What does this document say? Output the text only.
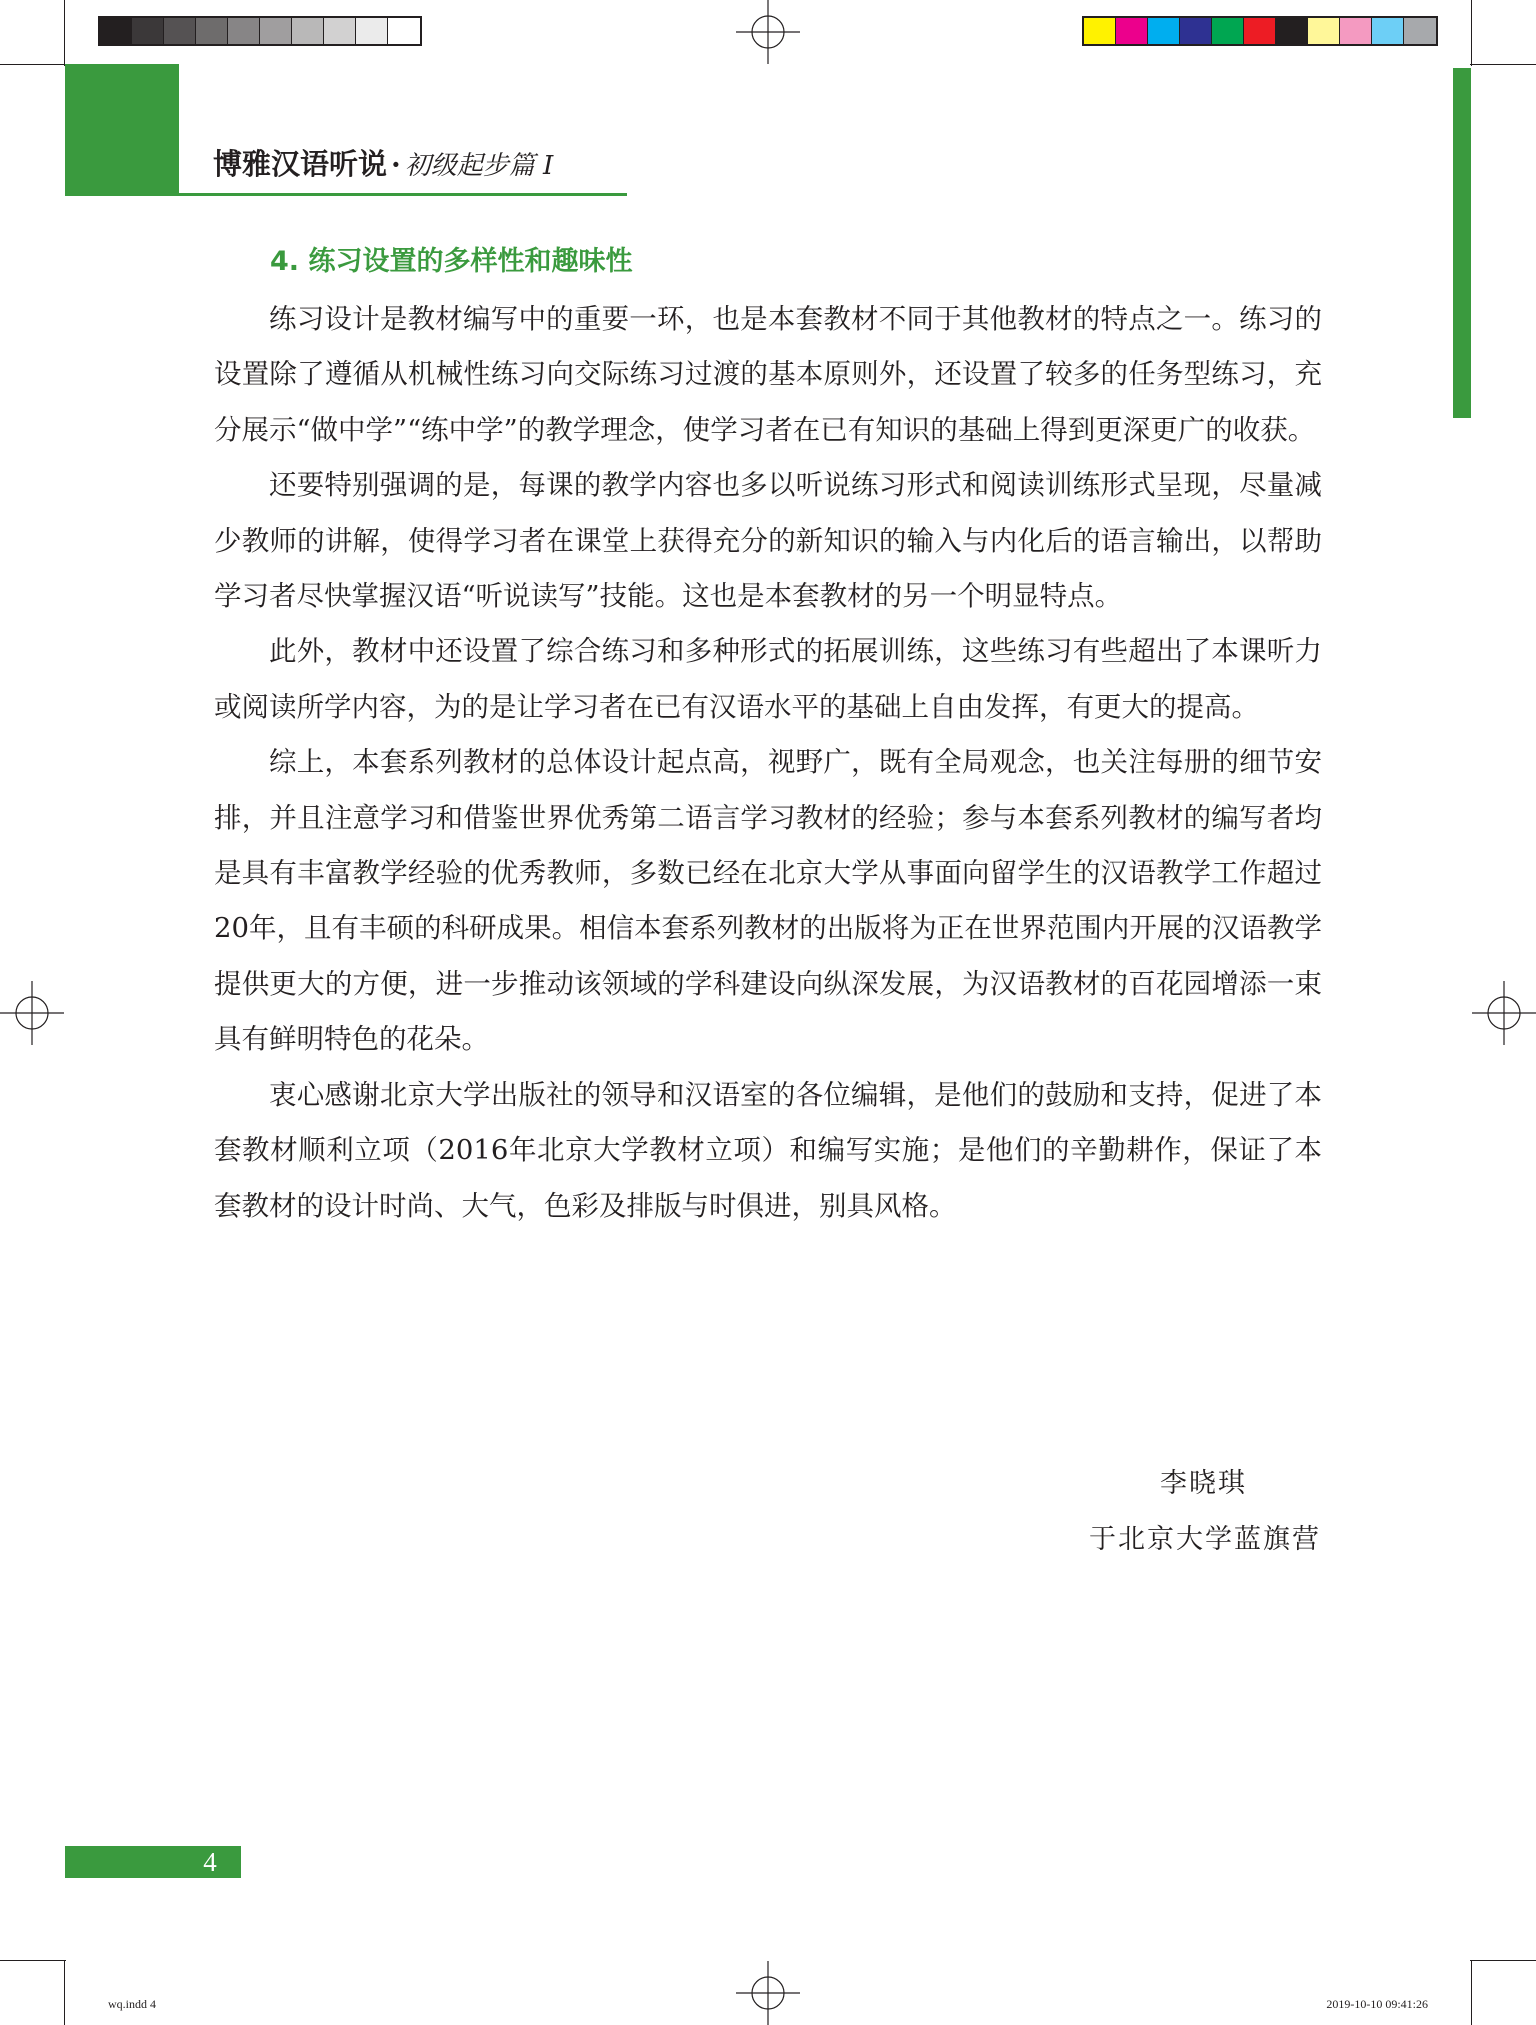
博雅汉语听说 · 初级起步篇 I
4. 练习设置的多样性和趣味性

练习设计是教材编写中的重要一环，也是本套教材不同于其他教材的特点之一。练习的设置除了遵循从机械性练习向交际练习过渡的基本原则外，还设置了较多的任务型练习，充分展示“做中学”“练中学”的教学理念，使学习者在已有知识的基础上得到更深更广的收获。

还要特别强调的是，每课的教学内容也多以听说练习形式和阅读训练形式呈现，尽量减少教师的讲解，使得学习者在课堂上获得充分的新知识的输入与内化后的语言输出，以帮助学习者尽快掌握汉语“听说读写”技能。这也是本套教材的另一个明显特点。

此外，教材中还设置了综合练习和多种形式的拓展训练，这些练习有些超出了本课听力或阅读所学内容，为的是让学习者在已有汉语水平的基础上自由发挥，有更大的提高。

综上，本套系列教材的总体设计起点高，视野广，既有全局观念，也关注每册的细节安排，并且注意学习和借鉴世界优秀第二语言学习教材的经验；参与本套系列教材的编写者均是具有丰富教学经验的优秀教师，多数已经在北京大学从事面向留学生的汉语教学工作超过20年，且有丰硕的科研成果。相信本套系列教材的出版将为正在世界范围内开展的汉语教学提供更大的方便，进一步推动该领域的学科建设向纵深发展，为汉语教材的百花园增添一束具有鲜明特色的花朵。

衷心感谢北京大学出版社的领导和汉语室的各位编辑，是他们的鼓励和支持，促进了本套教材顺利立项（2016年北京大学教材立项）和编写实施；是他们的辛勤耕作，保证了本套教材的设计时尚、大气，色彩及排版与时俱进，别具风格。

李晓琪
于北京大学蓝旗营
4
wq.indd 4	2019-10-10 09:41:26
